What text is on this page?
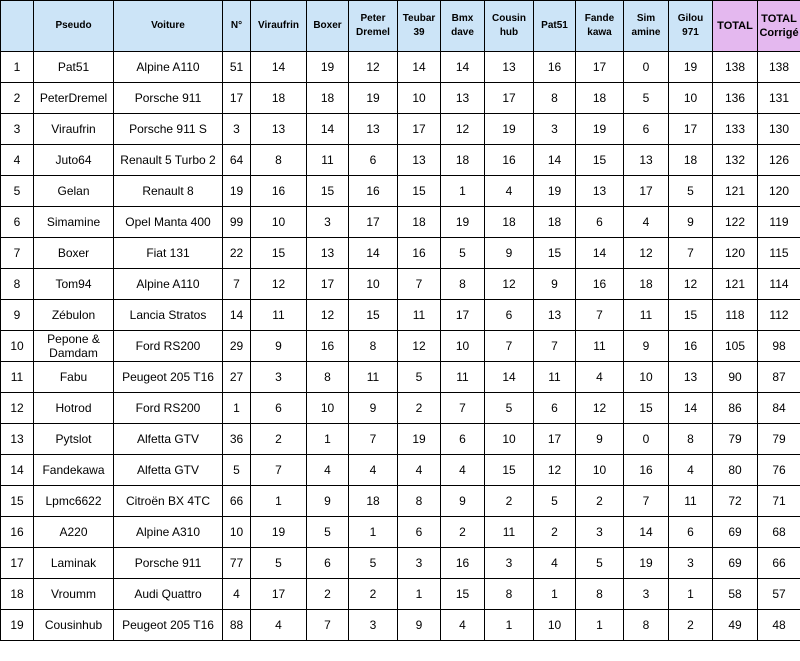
	Pseudo	Voiture	N°	Viraufrin	Boxer	Peter Dremel	Teubar 39	Bmx dave	Cousin hub	Pat51	Fande kawa	Sim amine	Gilou 971	TOTAL	TOTAL Corrigé
1	Pat51	Alpine A110	51	14	19	12	14	14	13	16	17	0	19	138	138
2	PeterDremel	Porsche 911	17	18	18	19	10	13	17	8	18	5	10	136	131
3	Viraufrin	Porsche 911 S	3	13	14	13	17	12	19	3	19	6	17	133	130
4	Juto64	Renault 5 Turbo 2	64	8	11	6	13	18	16	14	15	13	18	132	126
5	Gelan	Renault 8	19	16	15	16	15	1	4	19	13	17	5	121	120
6	Simamine	Opel Manta 400	99	10	3	17	18	19	18	18	6	4	9	122	119
7	Boxer	Fiat 131	22	15	13	14	16	5	9	15	14	12	7	120	115
8	Tom94	Alpine A110	7	12	17	10	7	8	12	9	16	18	12	121	114
9	Zébulon	Lancia Stratos	14	11	12	15	11	17	6	13	7	11	15	118	112
10	Pepone & Damdam	Ford RS200	29	9	16	8	12	10	7	7	11	9	16	105	98
11	Fabu	Peugeot 205 T16	27	3	8	11	5	11	14	11	4	10	13	90	87
12	Hotrod	Ford RS200	1	6	10	9	2	7	5	6	12	15	14	86	84
13	Pytslot	Alfetta GTV	36	2	1	7	19	6	10	17	9	0	8	79	79
14	Fandekawa	Alfetta GTV	5	7	4	4	4	4	15	12	10	16	4	80	76
15	Lpmc6622	Citroën BX 4TC	66	1	9	18	8	9	2	5	2	7	11	72	71
16	A220	Alpine A310	10	19	5	1	6	2	11	2	3	14	6	69	68
17	Laminak	Porsche 911	77	5	6	5	3	16	3	4	5	19	3	69	66
18	Vroumm	Audi Quattro	4	17	2	2	1	15	8	1	8	3	1	58	57
19	Cousinhub	Peugeot 205 T16	88	4	7	3	9	4	1	10	1	8	2	49	48
